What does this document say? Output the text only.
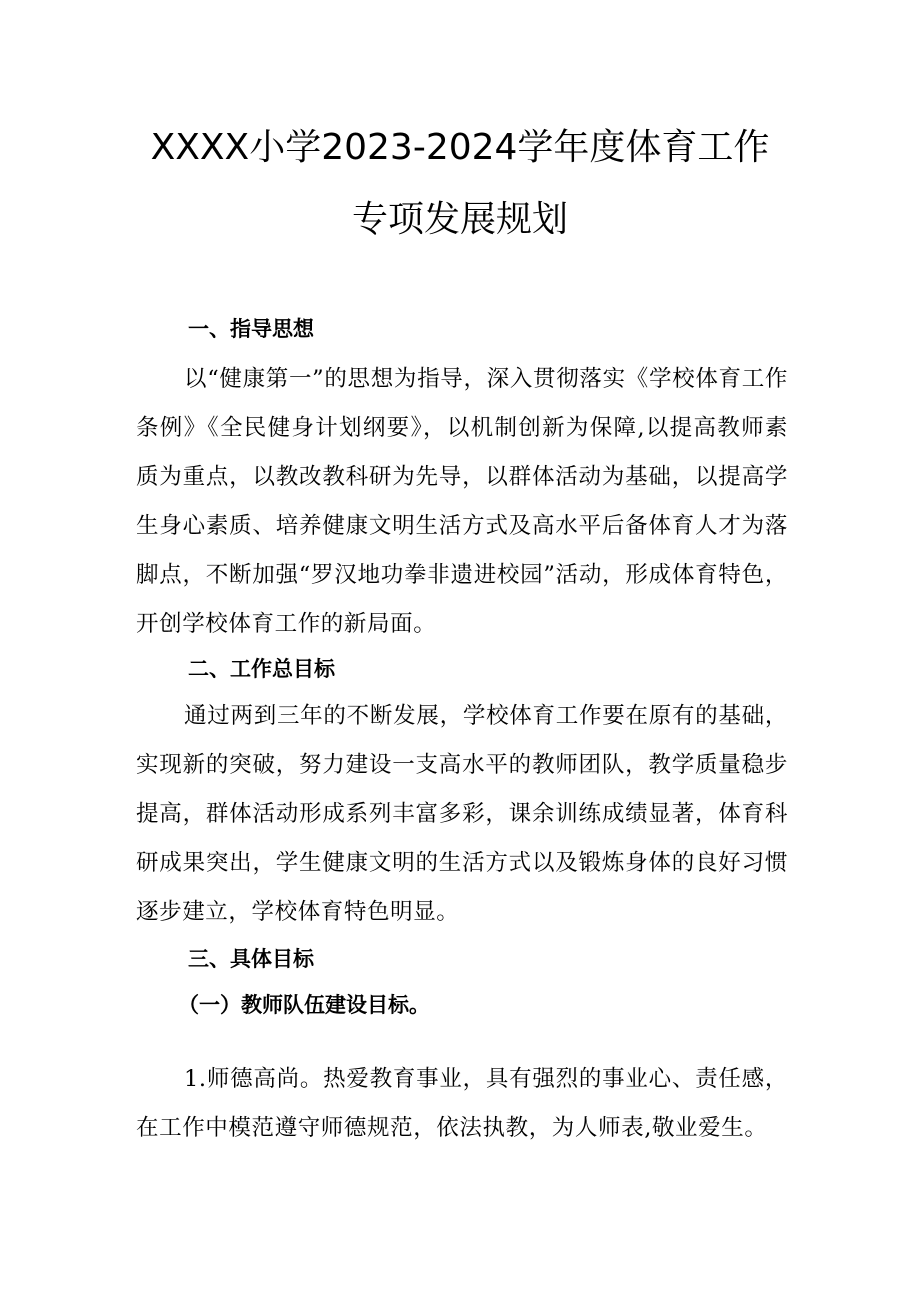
XXXX小学2023-2024学年度体育工作
专项发展规划
一、指导思想

以“健康第一”的思想为指导，深入贯彻落实《学校体育工作条例》《全民健身计划纲要》，以机制创新为保障,以提高教师素质为重点，以教改教科研为先导，以群体活动为基础，以提高学生身心素质、培养健康文明生活方式及高水平后备体育人才为落脚点，不断加强“罗汉地功拳非遗进校园”活动，形成体育特色，开创学校体育工作的新局面。

二、工作总目标

通过两到三年的不断发展，学校体育工作要在原有的基础，实现新的突破，努力建设一支高水平的教师团队，教学质量稳步提高，群体活动形成系列丰富多彩，课余训练成绩显著，体育科研成果突出，学生健康文明的生活方式以及锻炼身体的良好习惯逐步建立，学校体育特色明显。

三、具体目标
（一）教师队伍建设目标。

1.师德高尚。热爱教育事业，具有强烈的事业心、责任感，在工作中模范遵守师德规范，依法执教，为人师表,敬业爱生。
